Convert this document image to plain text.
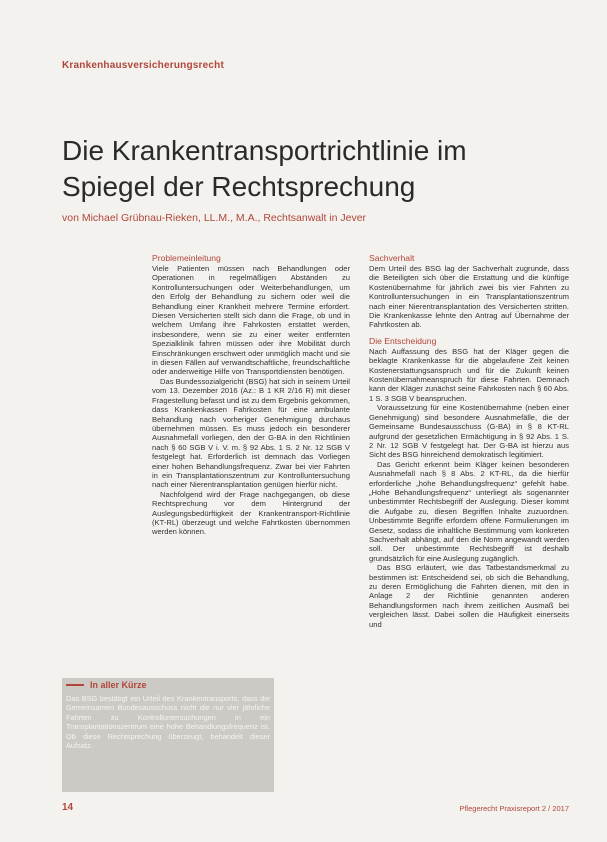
Krankenhausversicherungsrecht
Die Krankentransportrichtlinie im Spiegel der Rechtsprechung
von Michael Grübnau-Rieken, LL.M., M.A., Rechtsanwalt in Jever
Problemeinleitung

Viele Patienten müssen nach Behandlungen oder Operationen in regelmäßigen Abständen zu Kontrolluntersuchungen oder Weiterbehandlungen, um den Erfolg der Behandlung zu sichern oder weil die Behandlung einer Krankheit mehrere Termine erfordert. Diesen Versicherten stellt sich dann die Frage, ob und in welchem Umfang ihre Fahrkosten erstattet werden, insbesondere, wenn sie zu einer weiter entfernten Spezialklinik fahren müssen oder ihre Mobilität durch Einschränkungen erschwert oder unmöglich macht und sie in diesen Fällen auf verwandtschaftliche, freundschaftliche oder anderweitige Hilfe von Transportdiensten benötigen.

Das Bundessozialgericht (BSG) hat sich in seinem Urteil vom 13. Dezember 2016 (Az.: B 1 KR 2/16 R) mit dieser Fragestellung befasst und ist zu dem Ergebnis gekommen, dass Krankenkassen Fahrkosten für eine ambulante Behandlung nach vorheriger Genehmigung durchaus übernehmen müssen. Es muss jedoch ein besonderer Ausnahmefall vorliegen, den der G-BA in den Richtlinien nach § 60 SGB V i. V. m. § 92 Abs. 1 S. 2 Nr. 12 SGB V festgelegt hat. Erforderlich ist demnach das Vorliegen einer hohen Behandlungsfrequenz. Zwar bei vier Fahrten in ein Transplantationszentrum zur Kontrolluntersuchung nach einer Nierentransplantation genügen hierfür nicht.

Nachfolgend wird der Frage nachgegangen, ob diese Rechtsprechung vor dem Hintergrund der Auslegungsbedürftigkeit der Krankentransport-Richtlinie (KT-RL) überzeugt und welche Fahrtkosten übernommen werden können.

Sachverhalt

Dem Urteil des BSG lag der Sachverhalt zugrunde, dass die Beteiligten sich über die Erstattung und die künftige Kostenübernahme für jährlich zwei bis vier Fahrten zu Kontrolluntersuchungen in ein Transplantationszentrum nach einer Nierentransplantation des Versicherten stritten. Die Krankenkasse lehnte den Antrag auf Übernahme der Fahrtkosten ab.

Die Entscheidung

Nach Auffassung des BSG hat der Kläger gegen die beklagte Krankenkasse für die abgelaufene Zeit keinen Kostenerstattungsanspruch und für die Zukunft keinen Kostenübernahmeanspruch für diese Fahrten. Demnach kann der Kläger zunächst seine Fahrkosten nach § 60 Abs. 1 S. 3 SGB V beanspruchen.

Voraussetzung für eine Kostenübernahme (neben einer Genehmigung) sind besondere Ausnahmefälle, die der Gemeinsame Bundesausschuss (G-BA) in § 8 KT-RL aufgrund der gesetzlichen Ermächtigung in § 92 Abs. 1 S. 2 Nr. 12 SGB V festgelegt hat. Der G-BA ist hierzu aus Sicht des BSG hinreichend demokratisch legitimiert.

Das Gericht erkennt beim Kläger keinen besonderen Ausnahmefall nach § 8 Abs. 2 KT-RL, da die hierfür erforderliche „hohe Behandlungsfrequenz“ gefehlt habe. „Hohe Behandlungsfrequenz“ unterliegt als sogenannter unbestimmter Rechtsbegriff der Auslegung. Dieser kommt die Aufgabe zu, diesen Begriffen Inhalte zuzuordnen. Unbestimmte Begriffe erfordern offene Formulierungen im Gesetz, sodass die inhaltliche Bestimmung vom konkreten Sachverhalt abhängt, auf den die Norm angewandt werden soll. Der unbestimmte Rechtsbegriff ist deshalb grundsätzlich für eine Auslegung zugänglich.

Das BSG erläutert, wie das Tatbestandsmerkmal zu bestimmen ist: Entscheidend sei, ob sich die Behandlung, zu deren Ermöglichung die Fahrten dienen, mit den in Anlage 2 der Richtlinie genannten anderen Behandlungsformen nach ihrem zeitlichen Ausmaß bei vergleichen lässt. Dabei sollen die Häufigkeit einerseits und

In aller Kürze
Das BSG bestätigt ein Urteil des Krankentransports, dass die Gemeinsamen Bundesausschuss nicht die nur vier jährliche Fahrten zu Kontrolluntersuchungen in ein Transplantationszentrum eine hohe Behandlungsfrequenz ist. Ob diese Rechtsprechung überzeugt, behandelt dieser Aufsatz.
14	Pflegerecht Praxisreport 2 / 2017
